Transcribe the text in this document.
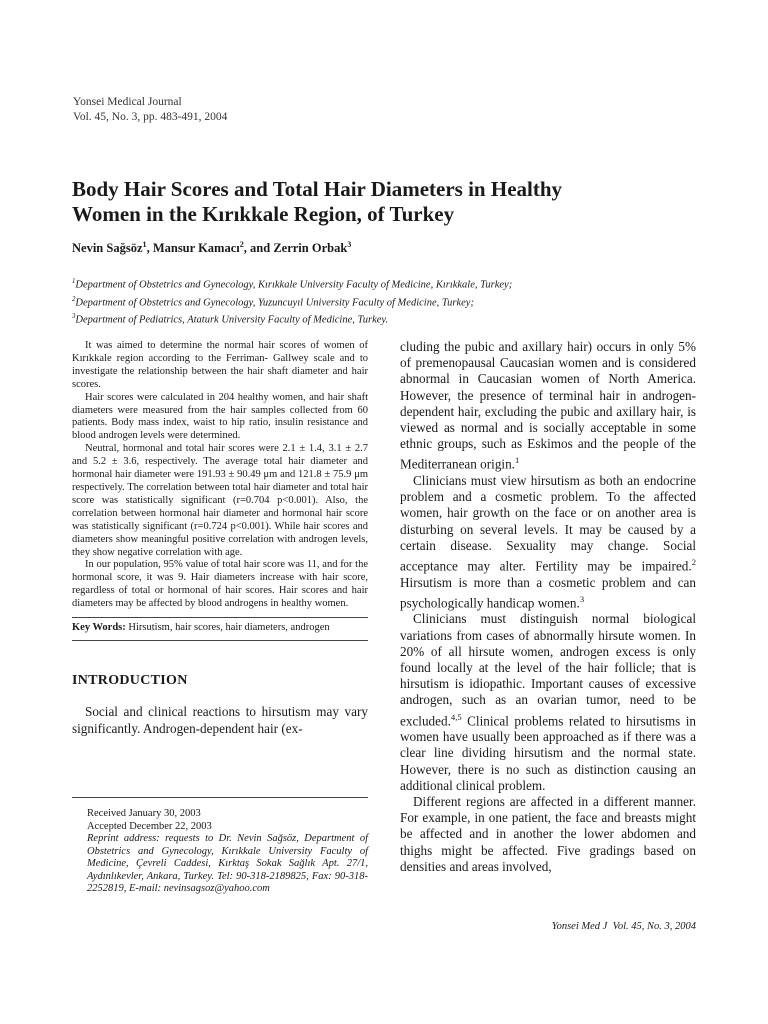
Yonsei Medical Journal
Vol. 45, No. 3, pp. 483-491, 2004
Body Hair Scores and Total Hair Diameters in Healthy
Women in the Kırıkkale Region, of Turkey
Nevin Sağsöz$^1$, Mansur Kamacı$^2$, and Zerrin Orbak$^3$
$^1$Department of Obstetrics and Gynecology, Kırıkkale University Faculty of Medicine, Kırıkkale, Turkey;
$^2$Department of Obstetrics and Gynecology, Yuzuncuyıl University Faculty of Medicine, Turkey;
$^3$Department of Pediatrics, Ataturk University Faculty of Medicine, Turkey.

It was aimed to determine the normal hair scores of women of Kırıkkale region according to the Ferriman- Gallwey scale and to investigate the relationship between the hair shaft diameter and hair scores.

Hair scores were calculated in 204 healthy women, and hair shaft diameters were measured from the hair samples collected from 60 patients. Body mass index, waist to hip ratio, insulin resistance and blood androgen levels were determined.

Neutral, hormonal and total hair scores were 2.1 ± 1.4, 3.1 ± 2.7 and 5.2 ± 3.6, respectively. The average total hair diameter and hormonal hair diameter were 191.93 ± 90.49 μm and 121.8 ± 75.9 μm respectively. The correlation between total hair diameter and total hair score was statistically significant (r=0.704 p<0.001). Also, the correlation between hormonal hair diameter and hormonal hair score was statistically significant (r=0.724 p<0.001). While hair scores and diameters show meaningful positive correlation with androgen levels, they show negative correlation with age.

In our population, 95% value of total hair score was 11, and for the hormonal score, it was 9. Hair diameters increase with hair score, regardless of total or hormonal of hair scores. Hair scores and hair diameters may be affected by blood androgens in healthy women.

Key Words: Hirsutism, hair scores, hair diameters, androgen
INTRODUCTION

Social and clinical reactions to hirsutism may vary significantly. Androgen-dependent hair (ex-

Received January 30, 2003
Accepted December 22, 2003
Reprint address: requests to Dr. Nevin Sağsöz, Department of Obstetrics and Gynecology, Kırıkkale University Faculty of Medicine, Çevreli Caddesi, Kırktaş Sokak Sağlık Apt. 27/1, Aydınlıkevler, Ankara, Turkey. Tel: 90-318-2189825, Fax: 90-318-2252819, E-mail: nevinsagsoz@yahoo.com

cluding the pubic and axillary hair) occurs in only 5% of premenopausal Caucasian women and is considered abnormal in Caucasian women of North America. However, the presence of terminal hair in androgen-dependent hair, excluding the pubic and axillary hair, is viewed as normal and is socially acceptable in some ethnic groups, such as Eskimos and the people of the Mediterranean origin.$^1$

Clinicians must view hirsutism as both an endocrine problem and a cosmetic problem. To the affected women, hair growth on the face or on another area is disturbing on several levels. It may be caused by a certain disease. Sexuality may change. Social acceptance may alter. Fertility may be impaired.$^2$ Hirsutism is more than a cosmetic problem and can psychologically handicap women.$^3$

Clinicians must distinguish normal biological variations from cases of abnormally hirsute women. In 20% of all hirsute women, androgen excess is only found locally at the level of the hair follicle; that is hirsutism is idiopathic. Important causes of excessive androgen, such as an ovarian tumor, need to be excluded.$^{4,5}$ Clinical problems related to hirsutisms in women have usually been approached as if there was a clear line dividing hirsutism and the normal state. However, there is no such as distinction causing an additional clinical problem.

Different regions are affected in a different manner. For example, in one patient, the face and breasts might be affected and in another the lower abdomen and thighs might be affected. Five gradings based on densities and areas involved,

Yonsei Med J  Vol. 45, No. 3, 2004
